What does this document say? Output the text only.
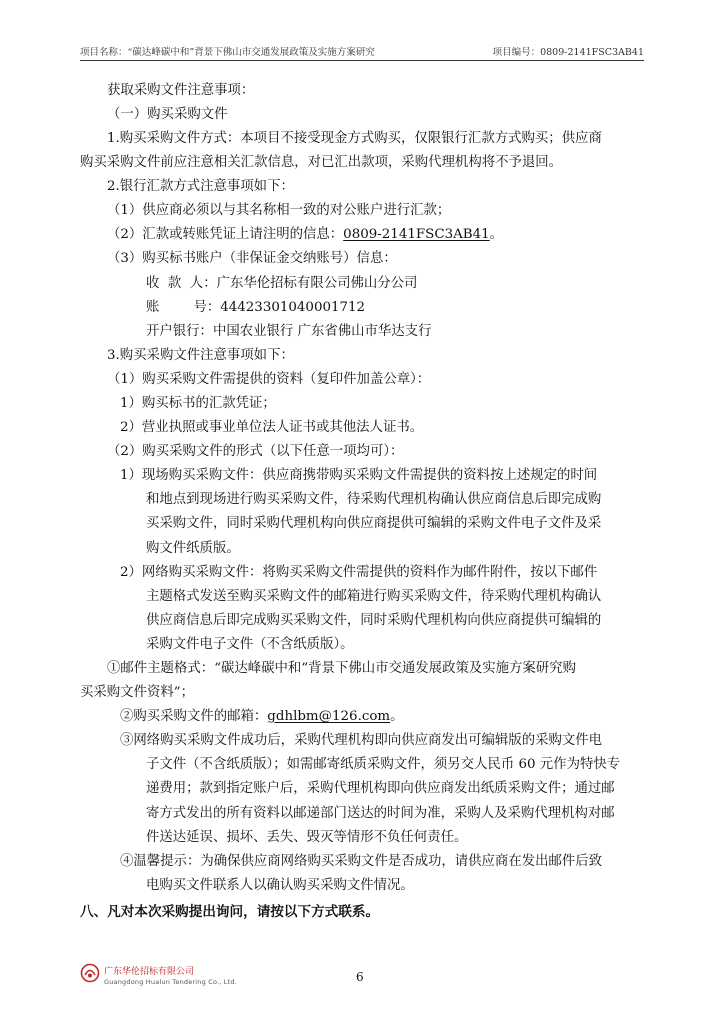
项目名称：“碳达峰碳中和”背景下佛山市交通发展政策及实施方案研究	项目编号：0809-2141FSC3AB41
获取采购文件注意事项：
（一）购买采购文件
1.购买采购文件方式：本项目不接受现金方式购买，仅限银行汇款方式购买；供应商
购买采购文件前应注意相关汇款信息，对已汇出款项，采购代理机构将不予退回。
2.银行汇款方式注意事项如下：
（1）供应商必须以与其名称相一致的对公账户进行汇款；
（2）汇款或转账凭证上请注明的信息：0809-2141FSC3AB41。
（3）购买标书账户（非保证金交纳账号）信息：
收  款  人：广东华伦招标有限公司佛山分公司
账        号：44423301040001712
开户银行：中国农业银行 广东省佛山市华达支行
3.购买采购文件注意事项如下：
（1）购买采购文件需提供的资料（复印件加盖公章）：
1）购买标书的汇款凭证；
2）营业执照或事业单位法人证书或其他法人证书。
（2）购买采购文件的形式（以下任意一项均可）：
1）现场购买采购文件：供应商携带购买采购文件需提供的资料按上述规定的时间
和地点到现场进行购买采购文件，待采购代理机构确认供应商信息后即完成购
买采购文件，同时采购代理机构向供应商提供可编辑的采购文件电子文件及采
购文件纸质版。
2）网络购买采购文件：将购买采购文件需提供的资料作为邮件附件，按以下邮件
主题格式发送至购买采购文件的邮箱进行购买采购文件，待采购代理机构确认
供应商信息后即完成购买采购文件，同时采购代理机构向供应商提供可编辑的
采购文件电子文件（不含纸质版）。
①邮件主题格式：“碳达峰碳中和”背景下佛山市交通发展政策及实施方案研究购
买采购文件资料”；
②购买采购文件的邮箱：gdhlbm@126.com。
③网络购买采购文件成功后，采购代理机构即向供应商发出可编辑版的采购文件电
子文件（不含纸质版）；如需邮寄纸质采购文件，须另交人民币 60 元作为特快专
递费用；款到指定账户后，采购代理机构即向供应商发出纸质采购文件；通过邮
寄方式发出的所有资料以邮递部门送达的时间为准，采购人及采购代理机构对邮
件送达延误、损坏、丢失、毁灭等情形不负任何责任。
④温馨提示：为确保供应商网络购买采购文件是否成功，请供应商在发出邮件后致
电购买文件联系人以确认购买采购文件情况。
八、凡对本次采购提出询问，请按以下方式联系。
广东华伦招标有限公司
Guangdong Hualun Tendering Co., Ltd.	6
